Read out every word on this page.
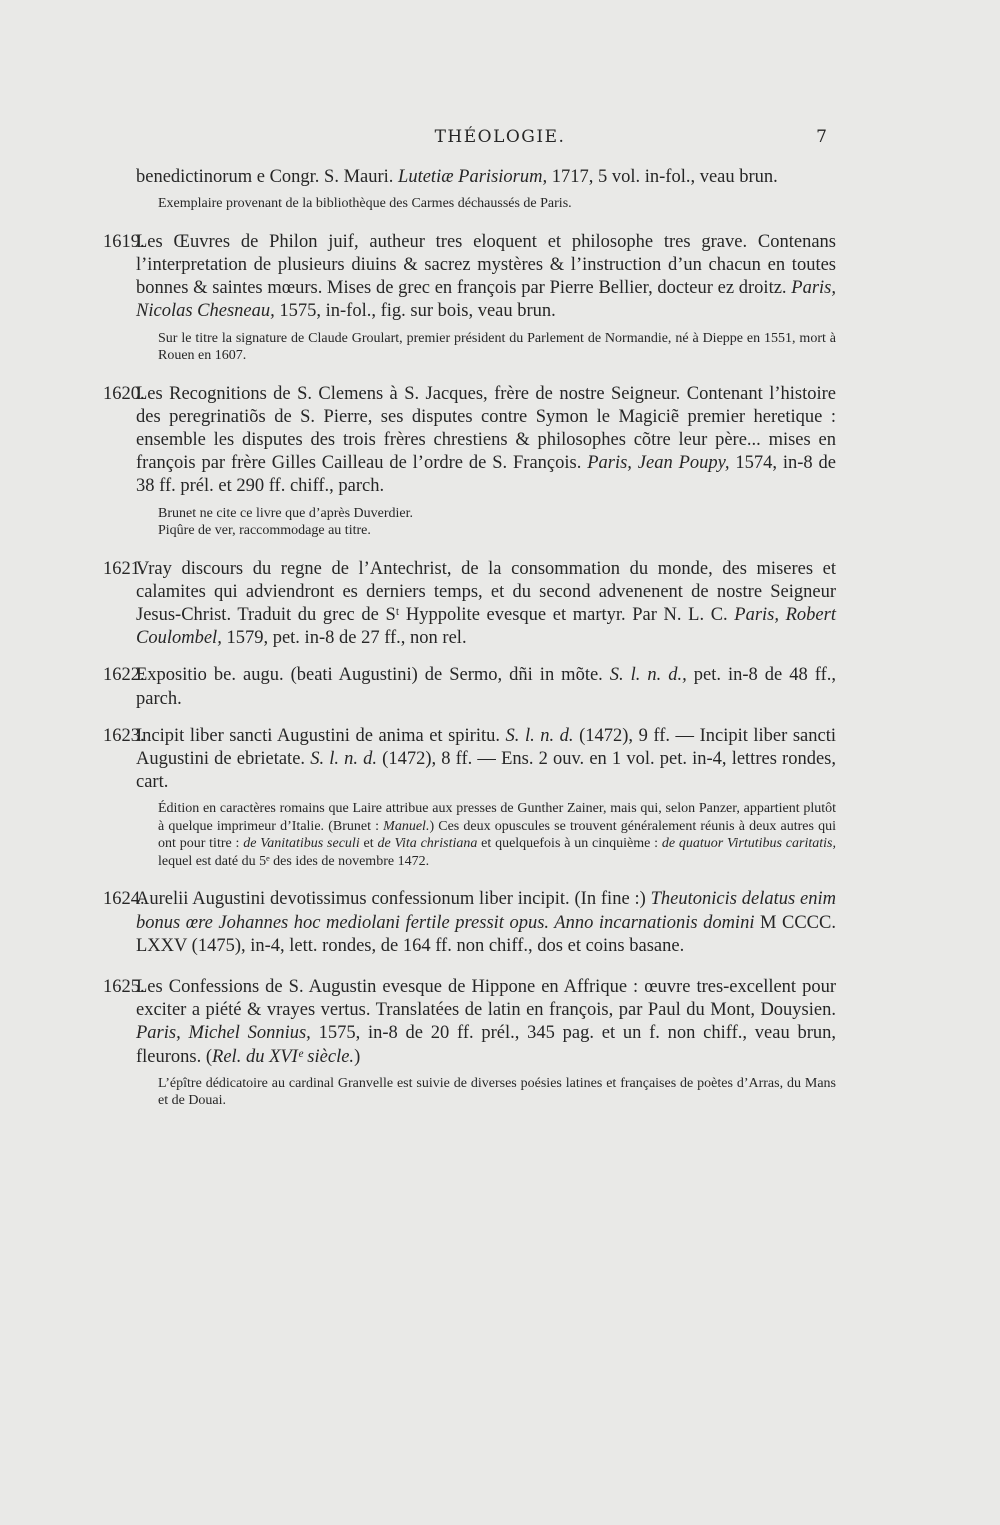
THÉOLOGIE.	7
benedictinorum e Congr. S. Mauri. Lutetiæ Parisiorum, 1717, 5 vol. in-fol., veau brun.
Exemplaire provenant de la bibliothèque des Carmes déchaussés de Paris.
1619.Les Œuvres de Philon juif, autheur tres eloquent et philosophe tres grave. Contenans l’interpretation de plusieurs diuins & sacrez mystères & l’instruction d’un chacun en toutes bonnes & saintes mœurs. Mises de grec en françois par Pierre Bellier, docteur ez droitz. Paris, Nicolas Chesneau, 1575, in-fol., fig. sur bois, veau brun.
Sur le titre la signature de Claude Groulart, premier président du Parlement de Normandie, né à Dieppe en 1551, mort à Rouen en 1607.
1620.Les Recognitions de S. Clemens à S. Jacques, frère de nostre Seigneur. Contenant l’histoire des peregrinatiõs de S. Pierre, ses disputes contre Symon le Magiciẽ premier heretique : ensemble les disputes des trois frères chrestiens & philosophes cõtre leur père... mises en françois par frère Gilles Cailleau de l’ordre de S. François. Paris, Jean Poupy, 1574, in-8 de 38 ff. prél. et 290 ff. chiff., parch.
Brunet ne cite ce livre que d’après Duverdier.
Piqûre de ver, raccommodage au titre.
1621.Vray discours du regne de l’Antechrist, de la consommation du monde, des miseres et calamites qui adviendront es derniers temps, et du second advenenent de nostre Seigneur Jesus-Christ. Traduit du grec de Sᵗ Hyppolite evesque et martyr. Par N. L. C. Paris, Robert Coulombel, 1579, pet. in-8 de 27 ff., non rel.
1622.Expositio be. augu. (beati Augustini) de Sermo, dñi in mõte. S. l. n. d., pet. in-8 de 48 ff., parch.
1623.Incipit liber sancti Augustini de anima et spiritu. S. l. n. d. (1472), 9 ff. — Incipit liber sancti Augustini de ebrietate. S. l. n. d. (1472), 8 ff. — Ens. 2 ouv. en 1 vol. pet. in-4, lettres rondes, cart.
Édition en caractères romains que Laire attribue aux presses de Gunther Zainer, mais qui, selon Panzer, appartient plutôt à quelque imprimeur d’Italie. (Brunet : Manuel.) Ces deux opuscules se trouvent généralement réunis à deux autres qui ont pour titre : de Vanitatibus seculi et de Vita christiana et quelquefois à un cinquième : de quatuor Virtutibus caritatis, lequel est daté du 5ᵉ des ides de novembre 1472.
1624.Aurelii Augustini devotissimus confessionum liber incipit. (In fine :) Theutonicis delatus enim bonus œre Johannes hoc mediolani fertile pressit opus. Anno incarnationis domini M CCCC. LXXV (1475), in-4, lett. rondes, de 164 ff. non chiff., dos et coins basane.
1625.Les Confessions de S. Augustin evesque de Hippone en Affrique : œuvre tres-excellent pour exciter a piété & vrayes vertus. Translatées de latin en françois, par Paul du Mont, Douysien. Paris, Michel Sonnius, 1575, in-8 de 20 ff. prél., 345 pag. et un f. non chiff., veau brun, fleurons. (Rel. du XVIᵉ siècle.)
L’épître dédicatoire au cardinal Granvelle est suivie de diverses poésies latines et françaises de poètes d’Arras, du Mans et de Douai.
